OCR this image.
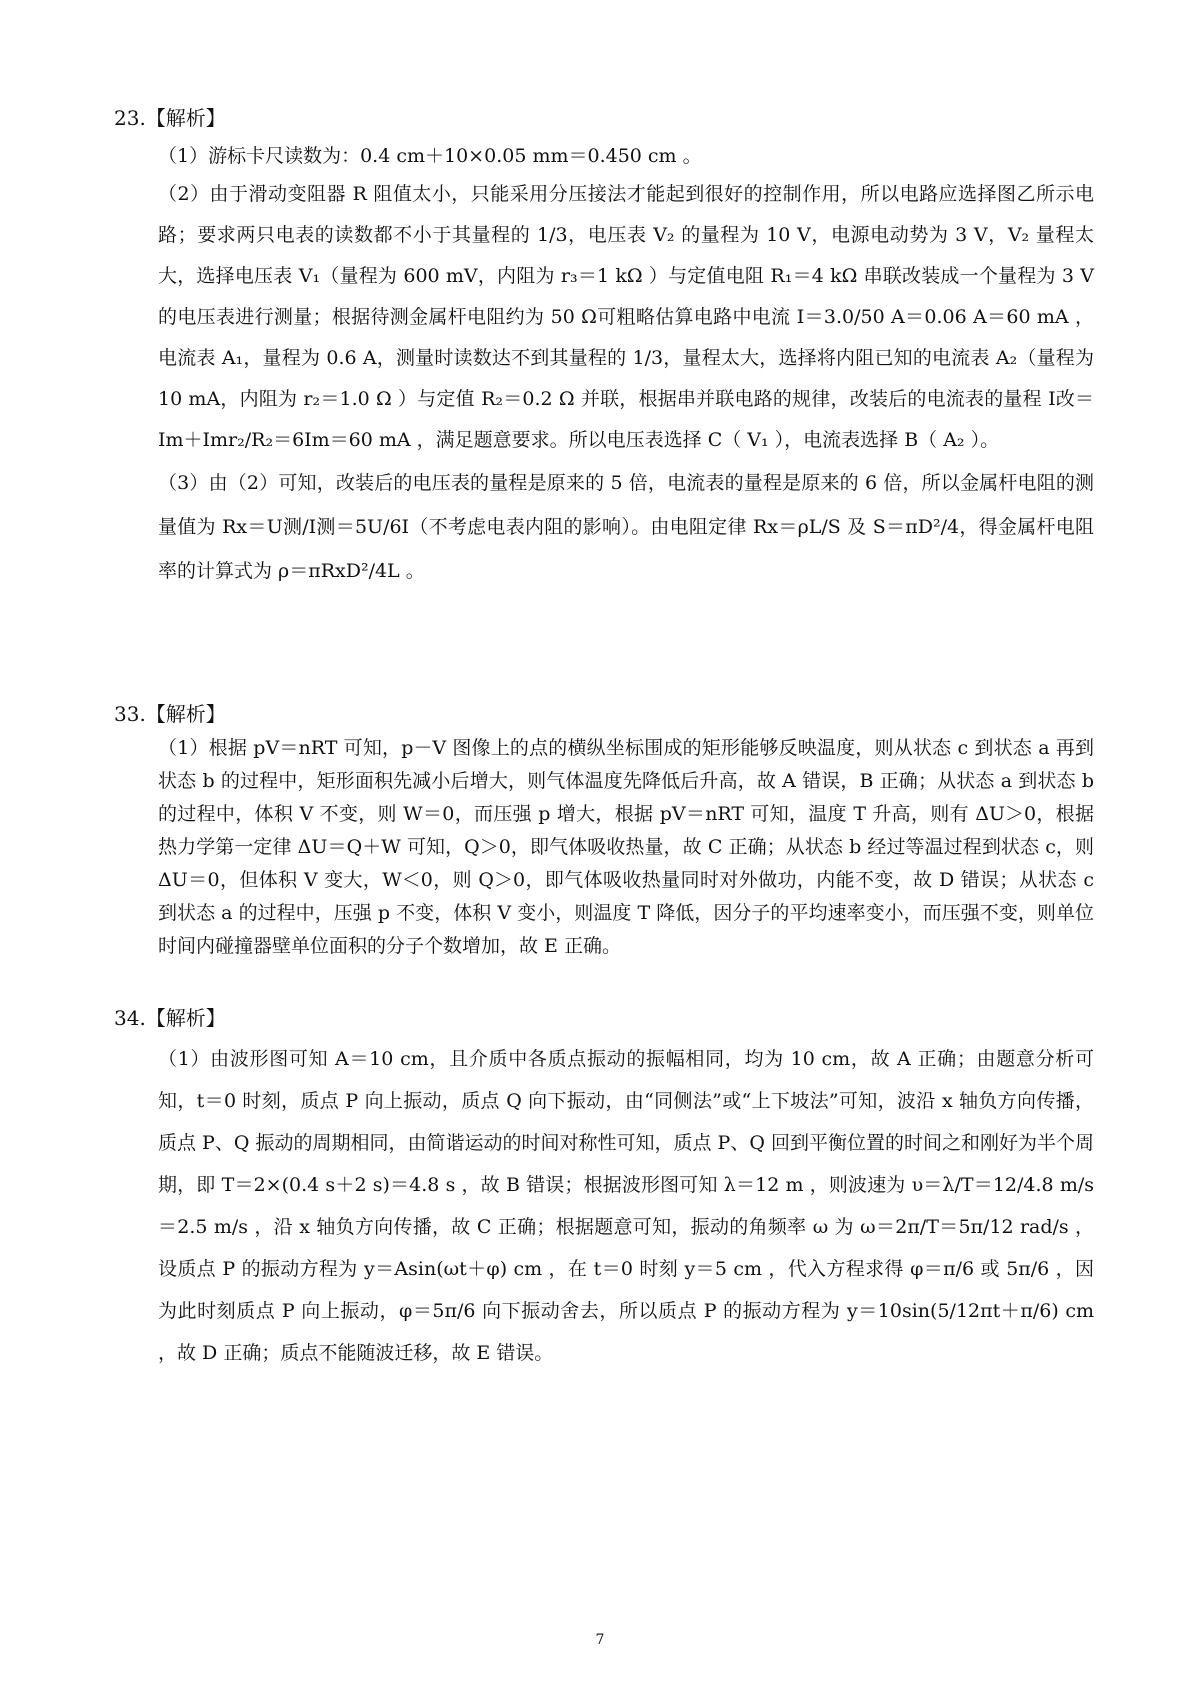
23.【解析】
（1）游标卡尺读数为：0.4 cm＋10×0.05 mm＝0.450 cm 。
（2）由于滑动变阻器 R 阻值太小，只能采用分压接法才能起到很好的控制作用，所以电路应选择图乙所示电路；要求两只电表的读数都不小于其量程的 1/3，电压表 V₂ 的量程为 10 V，电源电动势为 3 V，V₂ 量程太大，选择电压表 V₁（量程为 600 mV，内阻为 r₃＝1 kΩ ）与定值电阻 R₁＝4 kΩ 串联改装成一个量程为 3 V 的电压表进行测量；根据待测金属杆电阻约为 50 Ω可粗略估算电路中电流 I＝3.0/50 A＝0.06 A＝60 mA ，电流表 A₁，量程为 0.6 A，测量时读数达不到其量程的 1/3，量程太大，选择将内阻已知的电流表 A₂（量程为 10 mA，内阻为 r₂＝1.0 Ω ）与定值 R₂＝0.2 Ω 并联，根据串并联电路的规律，改装后的电流表的量程 I改＝Im＋Imr₂/R₂＝6Im＝60 mA ，满足题意要求。所以电压表选择 C（ V₁ ），电流表选择 B（ A₂ ）。
（3）由（2）可知，改装后的电压表的量程是原来的 5 倍，电流表的量程是原来的 6 倍，所以金属杆电阻的测量值为 Rx＝U测/I测＝5U/6I（不考虑电表内阻的影响）。由电阻定律 Rx＝ρL/S 及 S＝πD²/4，得金属杆电阻率的计算式为 ρ＝πRxD²/4L 。
33.【解析】
（1）根据 pV＝nRT 可知，p－V 图像上的点的横纵坐标围成的矩形能够反映温度，则从状态 c 到状态 a 再到状态 b 的过程中，矩形面积先减小后增大，则气体温度先降低后升高，故 A 错误，B 正确；从状态 a 到状态 b 的过程中，体积 V 不变，则 W＝0，而压强 p 增大，根据 pV＝nRT 可知，温度 T 升高，则有 ΔU＞0，根据热力学第一定律 ΔU＝Q＋W 可知，Q＞0，即气体吸收热量，故 C 正确；从状态 b 经过等温过程到状态 c，则 ΔU＝0，但体积 V 变大，W＜0，则 Q＞0，即气体吸收热量同时对外做功，内能不变，故 D 错误；从状态 c 到状态 a 的过程中，压强 p 不变，体积 V 变小，则温度 T 降低，因分子的平均速率变小，而压强不变，则单位时间内碰撞器壁单位面积的分子个数增加，故 E 正确。
34.【解析】
（1）由波形图可知 A＝10 cm，且介质中各质点振动的振幅相同，均为 10 cm，故 A 正确；由题意分析可知，t＝0 时刻，质点 P 向上振动，质点 Q 向下振动，由“同侧法”或“上下坡法”可知，波沿 x 轴负方向传播，质点 P、Q 振动的周期相同，由简谐运动的时间对称性可知，质点 P、Q 回到平衡位置的时间之和刚好为半个周期，即 T＝2×(0.4 s＋2 s)＝4.8 s ，故 B 错误；根据波形图可知 λ＝12 m ，则波速为 υ＝λ/T＝12/4.8 m/s＝2.5 m/s ，沿 x 轴负方向传播，故 C 正确；根据题意可知，振动的角频率 ω 为 ω＝2π/T＝5π/12 rad/s ，设质点 P 的振动方程为 y＝Asin(ωt＋φ) cm ，在 t＝0 时刻 y＝5 cm ，代入方程求得 φ＝π/6 或 5π/6 ，因为此时刻质点 P 向上振动，φ＝5π/6 向下振动舍去，所以质点 P 的振动方程为 y＝10sin(5/12πt＋π/6) cm ，故 D 正确；质点不能随波迁移，故 E 错误。
7
